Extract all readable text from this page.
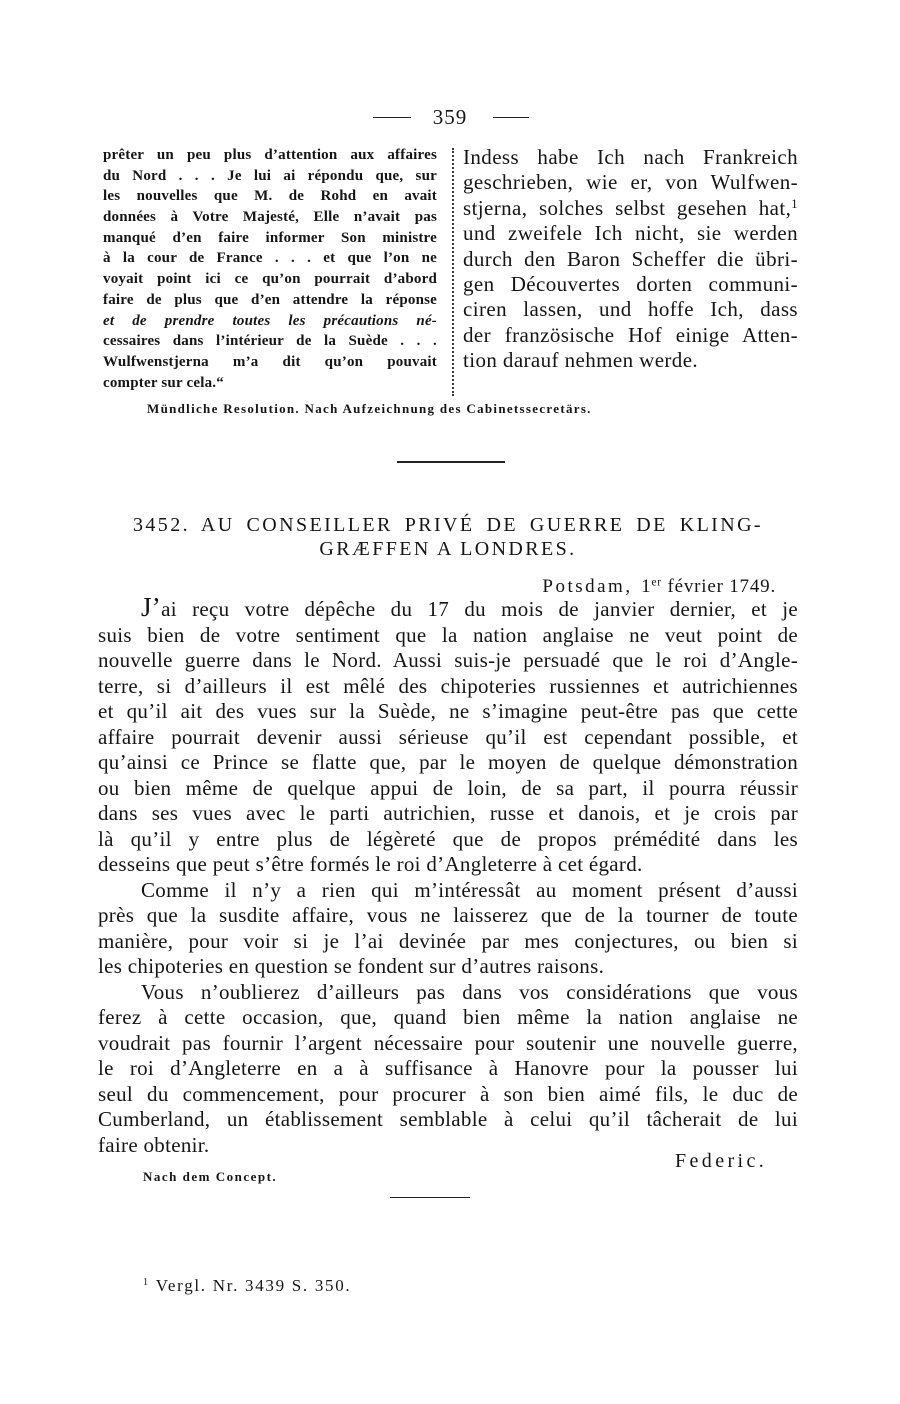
359
prêter un peu plus d’attention aux affaires
du Nord . . . Je lui ai répondu que, sur
les nouvelles que M. de Rohd en avait
données à Votre Majesté, Elle n’avait pas
manqué d’en faire informer Son ministre
à la cour de France . . . et que l’on ne
voyait point ici ce qu’on pourrait d’abord
faire de plus que d’en attendre la réponse
et de prendre toutes les précautions né-
cessaires dans l’intérieur de la Suède . . .
Wulfwenstjerna m’a dit qu’on pouvait
compter sur cela.“
Indess habe Ich nach Frankreich
geschrieben, wie er, von Wulfwen-
stjerna, solches selbst gesehen hat,$^1$
und zweifele Ich nicht, sie werden
durch den Baron Scheffer die übri-
gen Découvertes dorten communi-
ciren lassen, und hoffe Ich, dass
der französische Hof einige Atten-
tion darauf nehmen werde.
Mündliche Resolution. Nach Aufzeichnung des Cabinetssecretärs.
3452. AU CONSEILLER PRIVÉ DE GUERRE DE KLING-
GRÆFFEN A LONDRES.
Potsdam, 1er février 1749.
J’ai reçu votre dépêche du 17 du mois de janvier dernier, et je
suis bien de votre sentiment que la nation anglaise ne veut point de
nouvelle guerre dans le Nord. Aussi suis-je persuadé que le roi d’Angle-
terre, si d’ailleurs il est mêlé des chipoteries russiennes et autrichiennes
et qu’il ait des vues sur la Suède, ne s’imagine peut-être pas que cette
affaire pourrait devenir aussi sérieuse qu’il est cependant possible, et
qu’ainsi ce Prince se flatte que, par le moyen de quelque démonstration
ou bien même de quelque appui de loin, de sa part, il pourra réussir
dans ses vues avec le parti autrichien, russe et danois, et je crois par
là qu’il y entre plus de légèreté que de propos prémédité dans les
desseins que peut s’être formés le roi d’Angleterre à cet égard.
Comme il n’y a rien qui m’intéressât au moment présent d’aussi
près que la susdite affaire, vous ne laisserez que de la tourner de toute
manière, pour voir si je l’ai devinée par mes conjectures, ou bien si
les chipoteries en question se fondent sur d’autres raisons.
Vous n’oublierez d’ailleurs pas dans vos considérations que vous
ferez à cette occasion, que, quand bien même la nation anglaise ne
voudrait pas fournir l’argent nécessaire pour soutenir une nouvelle guerre,
le roi d’Angleterre en a à suffisance à Hanovre pour la pousser lui
seul du commencement, pour procurer à son bien aimé fils, le duc de
Cumberland, un établissement semblable à celui qu’il tâcherait de lui
faire obtenir.
Federic.
Nach dem Concept.
$^1$ Vergl. Nr. 3439 S. 350.
